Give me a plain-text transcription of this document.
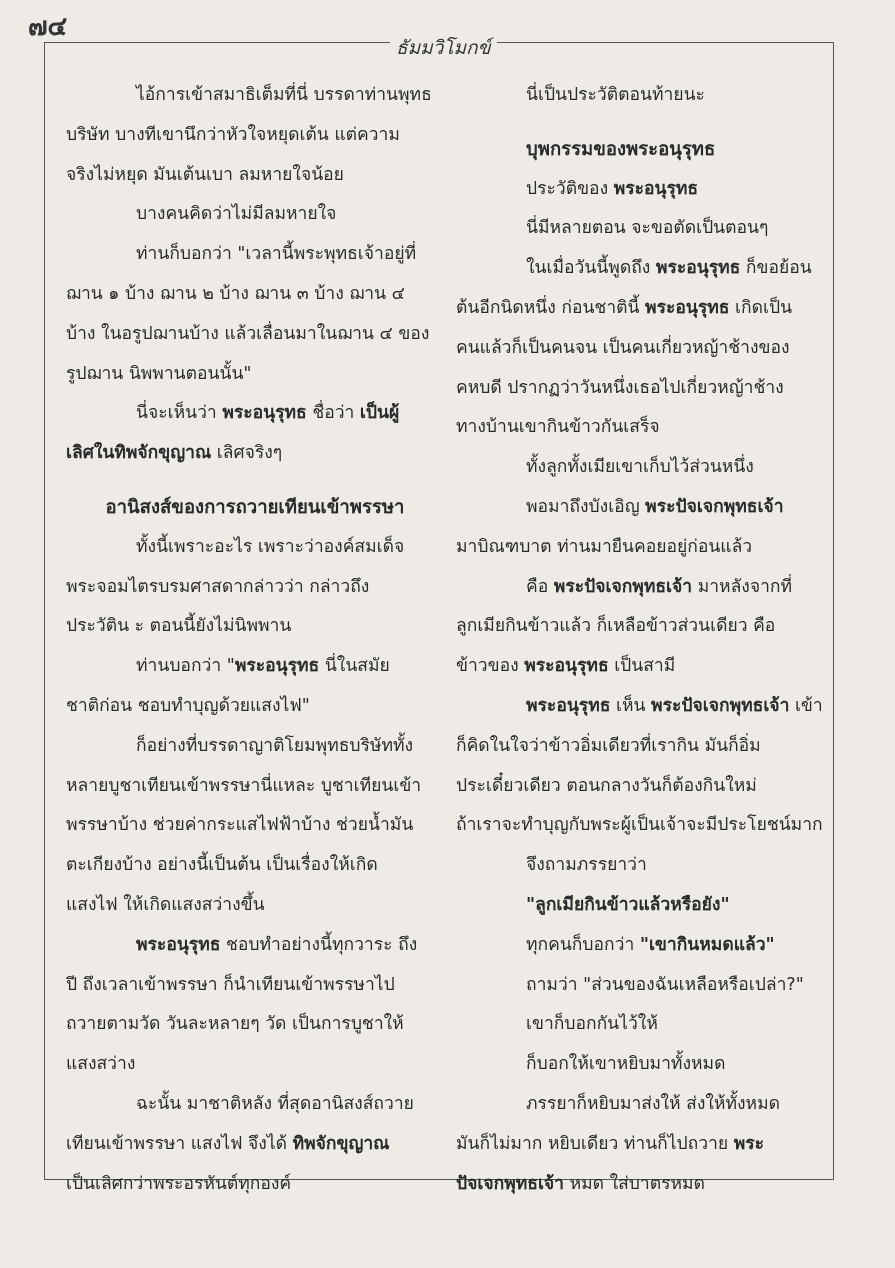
๗๔
ธัมมวิโมกข์
ไอ้การเข้าสมาธิเต็มที่นี่ บรรดาท่านพุทธ
บริษัท บางทีเขานึกว่าหัวใจหยุดเต้น แต่ความ
จริงไม่หยุด มันเต้นเบา ลมหายใจน้อย
บางคนคิดว่าไม่มีลมหายใจ
ท่านก็บอกว่า "เวลานี้พระพุทธเจ้าอยู่ที่
ฌาน ๑ บ้าง ฌาน ๒ บ้าง ฌาน ๓ บ้าง ฌาน ๔
บ้าง ในอรูปฌานบ้าง แล้วเลื่อนมาในฌาน ๔ ของ
รูปฌาน นิพพานตอนนั้น"
นี่จะเห็นว่า พระอนุรุทธ ชื่อว่า เป็นผู้
เลิศในทิพจักขุญาณ เลิศจริงๆ
อานิสงส์ของการถวายเทียนเข้าพรรษา
ทั้งนี้เพราะอะไร เพราะว่าองค์สมเด็จ
พระจอมไตรบรมศาสดากล่าวว่า กล่าวถึง
ประวัติน ะ ตอนนี้ยังไม่นิพพาน
ท่านบอกว่า "พระอนุรุทธ นี่ในสมัย
ชาติก่อน ชอบทำบุญด้วยแสงไฟ"
ก็อย่างที่บรรดาญาติโยมพุทธบริษัททั้ง
หลายบูชาเทียนเข้าพรรษานี่แหละ บูชาเทียนเข้า
พรรษาบ้าง ช่วยค่ากระแสไฟฟ้าบ้าง ช่วยน้ำมัน
ตะเกียงบ้าง อย่างนี้เป็นต้น เป็นเรื่องให้เกิด
แสงไฟ ให้เกิดแสงสว่างขึ้น
พระอนุรุทธ ชอบทำอย่างนี้ทุกวาระ ถึง
ปี ถึงเวลาเข้าพรรษา ก็นำเทียนเข้าพรรษาไป
ถวายตามวัด วันละหลายๆ วัด เป็นการบูชาให้
แสงสว่าง
ฉะนั้น มาชาติหลัง ที่สุดอานิสงส์ถวาย
เทียนเข้าพรรษา แสงไฟ จึงได้ ทิพจักขุญาณ
เป็นเลิศกว่าพระอรหันต์ทุกองค์
นี่เป็นประวัติตอนท้ายนะ
บุพกรรมของพระอนุรุทธ
ประวัติของ พระอนุรุทธ
นี่มีหลายตอน จะขอตัดเป็นตอนๆ
ในเมื่อวันนี้พูดถึง พระอนุรุทธ ก็ขอย้อน
ต้นอีกนิดหนึ่ง ก่อนชาตินี้ พระอนุรุทธ เกิดเป็น
คนแล้วก็เป็นคนจน เป็นคนเกี่ยวหญ้าช้างของ
คหบดี ปรากฏว่าวันหนึ่งเธอไปเกี่ยวหญ้าช้าง
ทางบ้านเขากินข้าวกันเสร็จ
ทั้งลูกทั้งเมียเขาเก็บไว้ส่วนหนึ่ง
พอมาถึงบังเอิญ พระปัจเจกพุทธเจ้า
มาบิณฑบาต ท่านมายืนคอยอยู่ก่อนแล้ว
คือ พระปัจเจกพุทธเจ้า มาหลังจากที่
ลูกเมียกินข้าวแล้ว ก็เหลือข้าวส่วนเดียว คือ
ข้าวของ พระอนุรุทธ เป็นสามี
พระอนุรุทธ เห็น พระปัจเจกพุทธเจ้า เข้า
ก็คิดในใจว่าข้าวอิ่มเดียวที่เรากิน มันก็อิ่ม
ประเดี๋ยวเดียว ตอนกลางวันก็ต้องกินใหม่
ถ้าเราจะทำบุญกับพระผู้เป็นเจ้าจะมีประโยชน์มาก
จึงถามภรรยาว่า
"ลูกเมียกินข้าวแล้วหรือยัง"
ทุกคนก็บอกว่า "เขากินหมดแล้ว"
ถามว่า "ส่วนของฉันเหลือหรือเปล่า?"
เขาก็บอกกันไว้ให้
ก็บอกให้เขาหยิบมาทั้งหมด
ภรรยาก็หยิบมาส่งให้ ส่งให้ทั้งหมด
มันก็ไม่มาก หยิบเดียว ท่านก็ไปถวาย พระ
ปัจเจกพุทธเจ้า หมด ใส่บาตรหมด
